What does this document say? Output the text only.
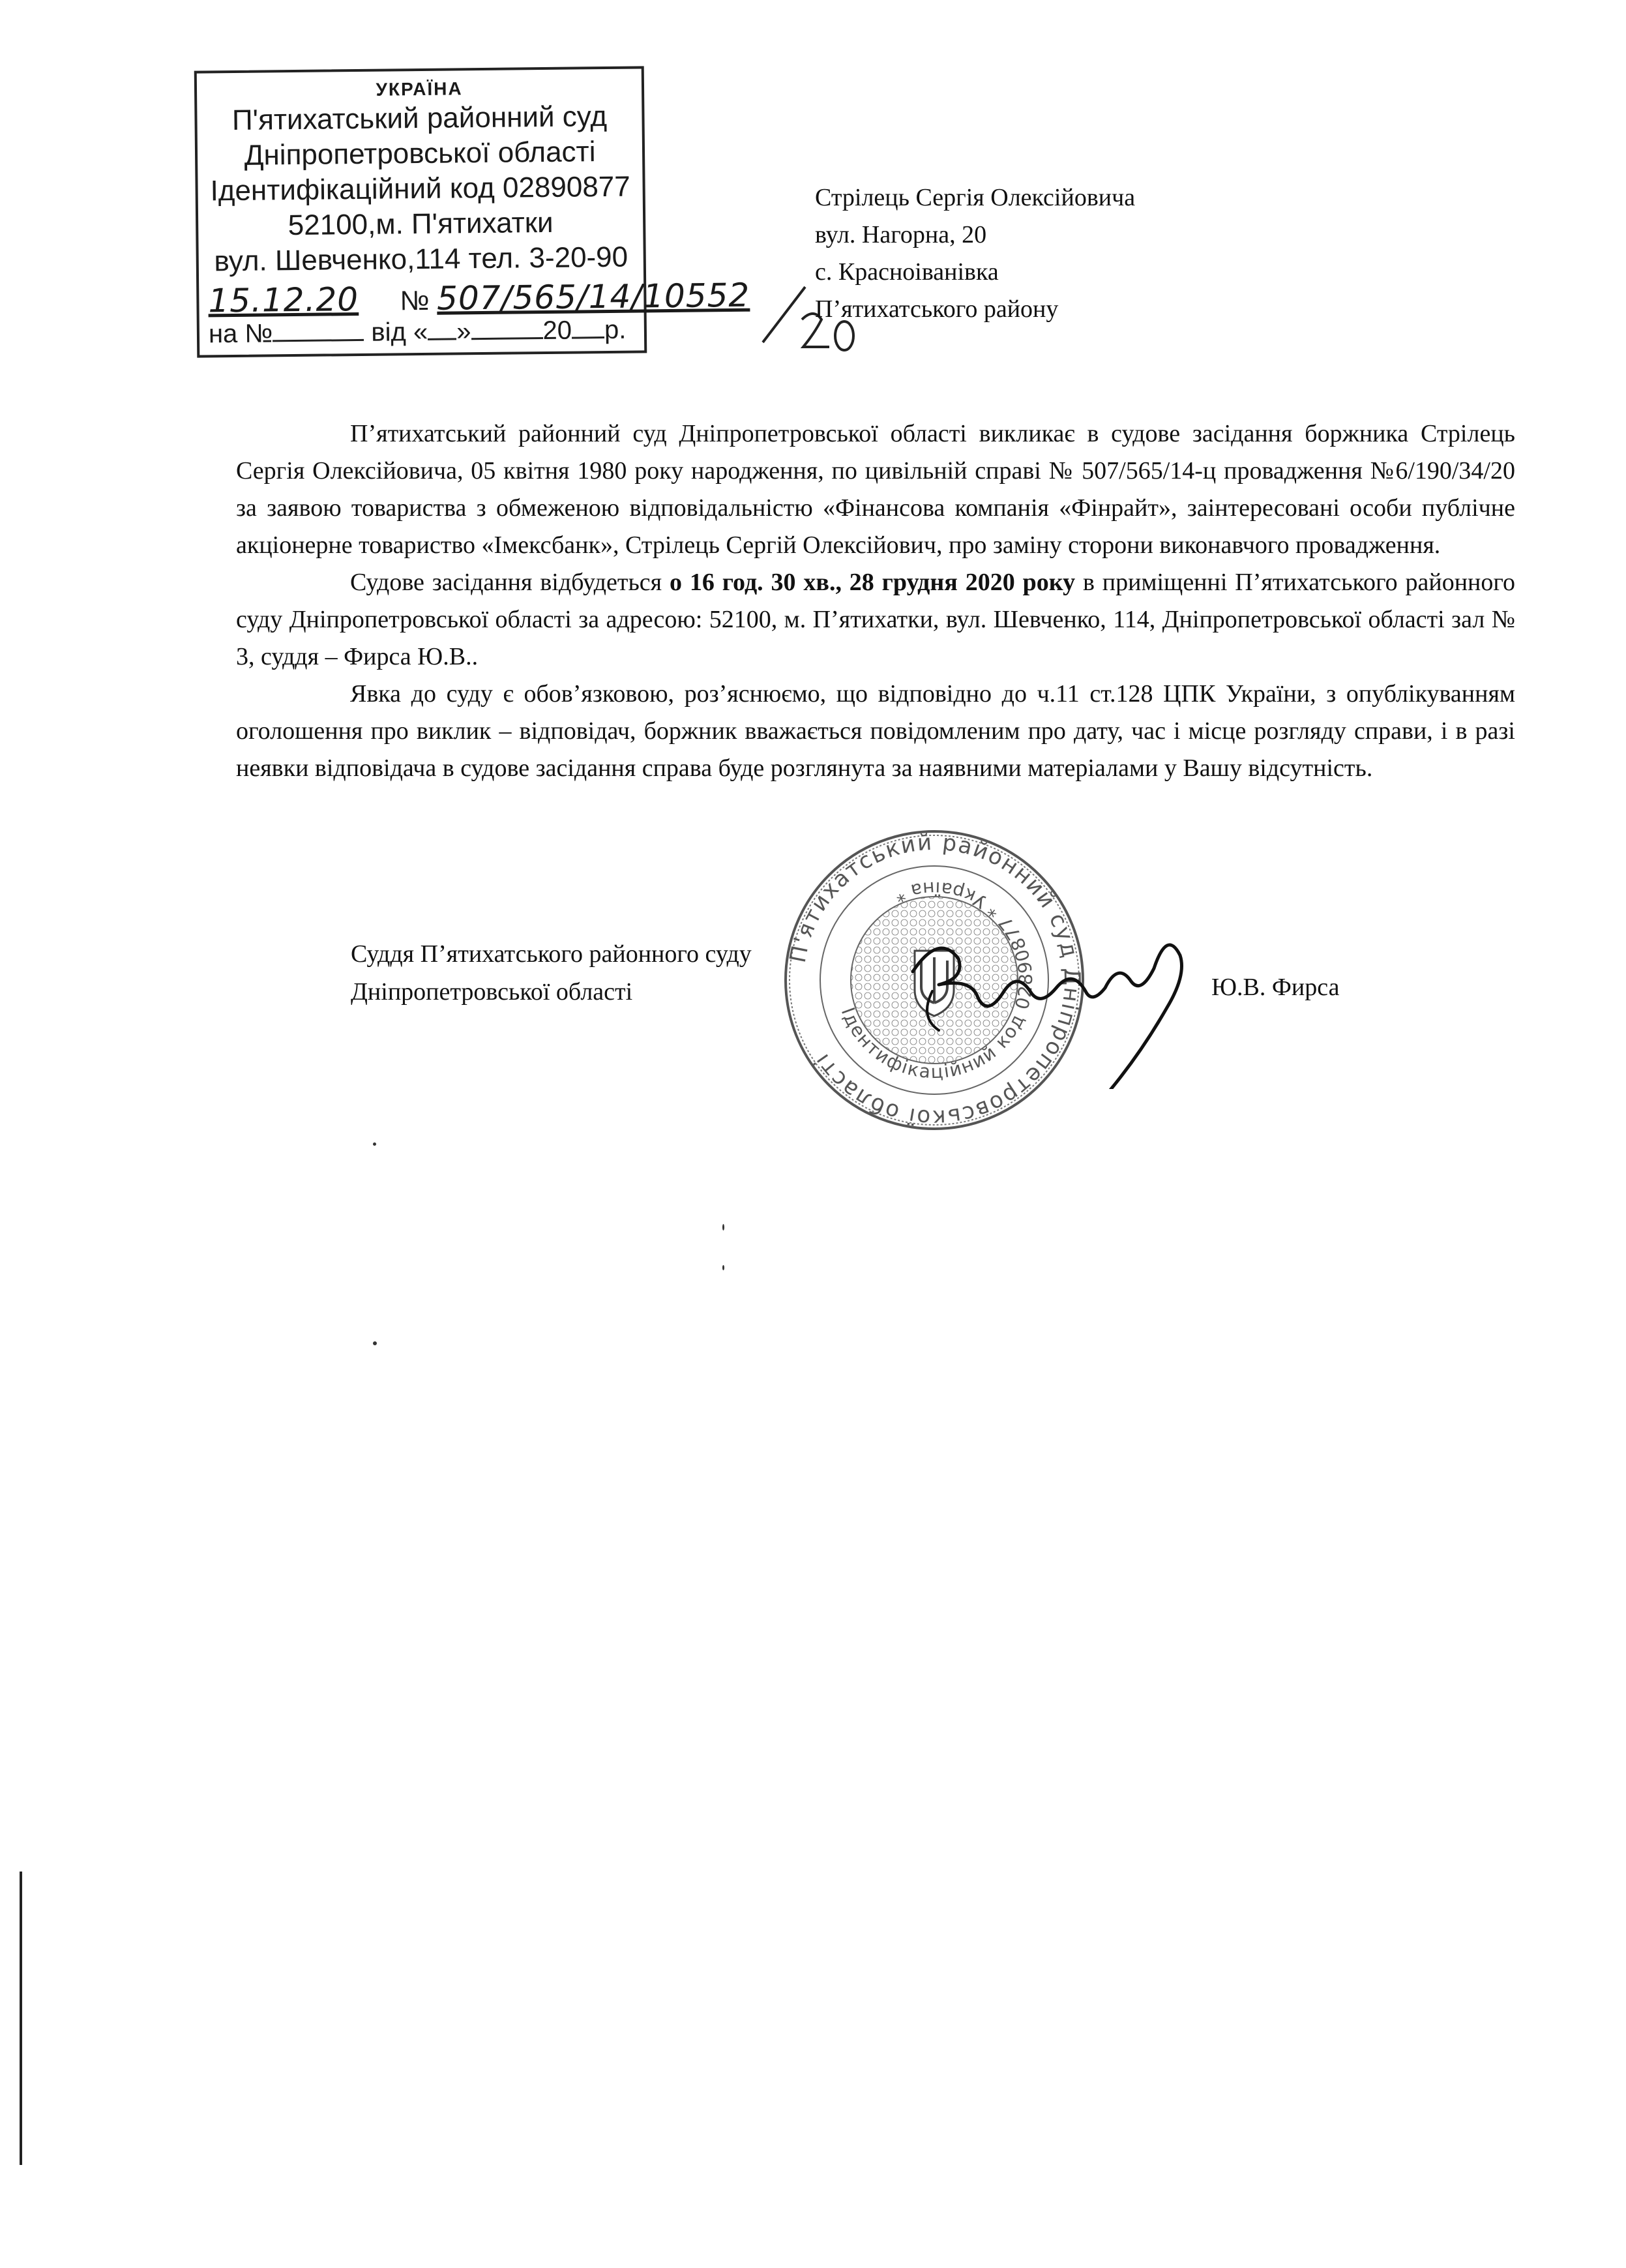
УКРАЇНА
П'ятихатський районний суд
Дніпропетровської області
Ідентифікаційний код 02890877
52100,м. П'ятихатки
вул. Шевченко,114 тел. 3-20-90
15.12.20 № 507/565/14/10552
на №	від « »	20 р.
Стрілець Сергія Олексійовича
вул. Нагорна, 20
с. Красноіванівка
П’ятихатського району

П’ятихатський районний суд Дніпропетровської області викликає в судове засідання боржника Стрілець Сергія Олексійовича, 05 квітня 1980 року народження, по цивільній справі № 507/565/14-ц провадження №6/190/34/20 за заявою товариства з обмеженою відповідальністю «Фінансова компанія «Фінрайт», заінтересовані особи публічне акціонерне товариство «Імексбанк», Стрілець Сергій Олексійович, про заміну сторони виконавчого провадження.

Судове засідання відбудеться о 16 год. 30 хв., 28 грудня 2020 року в приміщенні П’ятихатського районного суду Дніпропетровської області за адресою: 52100, м. П’ятихатки, вул. Шевченко, 114, Дніпропетровської області зал № 3, суддя – Фирса Ю.В..

Явка до суду є обов’язковою, роз’яснюємо, що відповідно до ч.11 ст.128 ЦПК України, з опублікуванням оголошення про виклик – відповідач, боржник вважається повідомленим про дату, час і місце розгляду справи, і в разі неявки відповідача в судове засідання справа буде розглянута за наявними матеріалами у Вашу відсутність.

П'ятихатський районний суд Дніпропетровської області
Ідентифікаційний код 02890877 * Україна *
Суддя П’ятихатського районного суду
Дніпропетровської області	Ю.В. Фирса
